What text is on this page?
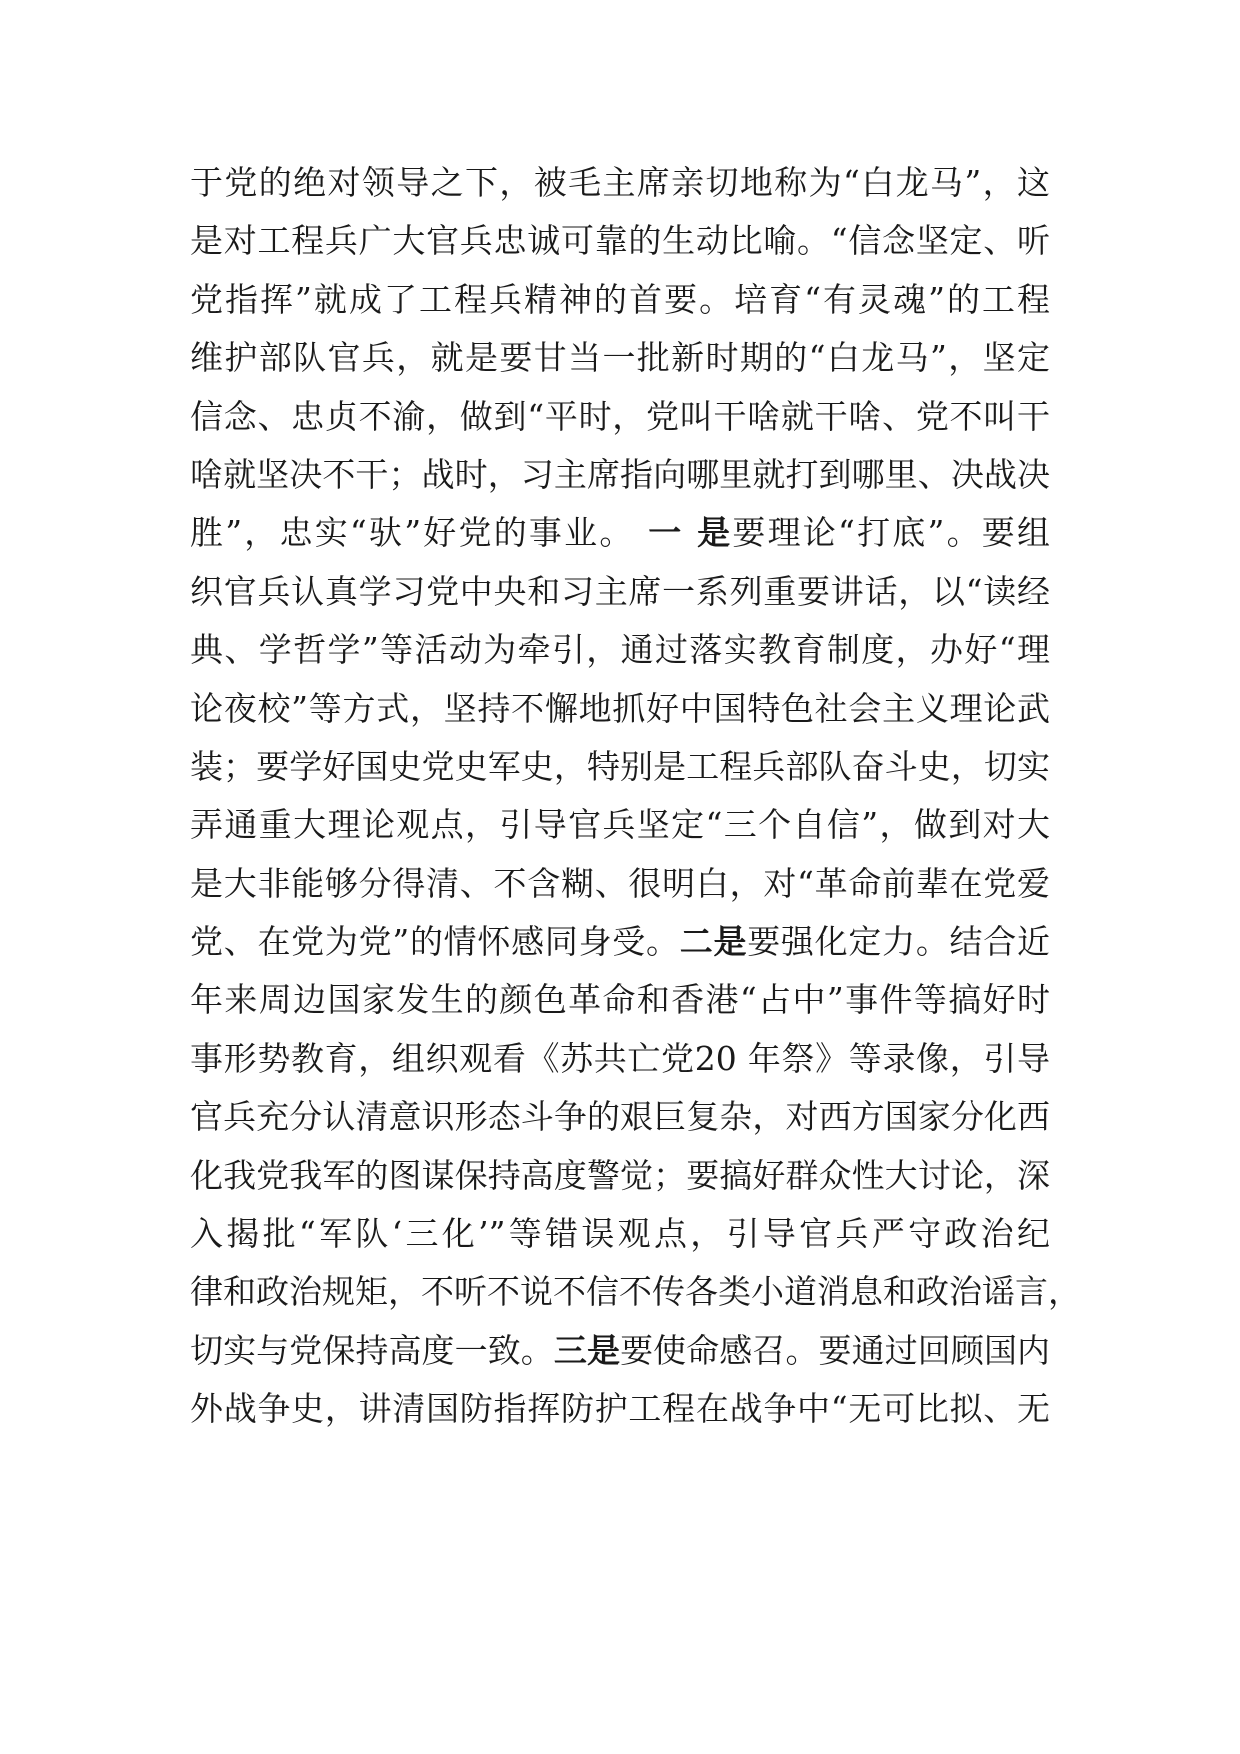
于党的绝对领导之下，被毛主席亲切地称为“白龙马”，这
是对工程兵广大官兵忠诚可靠的生动比喻。“信念坚定、听
党指挥”就成了工程兵精神的首要。培育“有灵魂”的工程
维护部队官兵，就是要甘当一批新时期的“白龙马”，坚定
信念、忠贞不渝，做到“平时，党叫干啥就干啥、党不叫干
啥就坚决不干；战时，习主席指向哪里就打到哪里、决战决
胜”，忠实“驮”好党的事业。 一 是要理论“打底”。要组
织官兵认真学习党中央和习主席一系列重要讲话，以“读经
典、学哲学”等活动为牵引，通过落实教育制度，办好“理
论夜校”等方式，坚持不懈地抓好中国特色社会主义理论武
装；要学好国史党史军史，特别是工程兵部队奋斗史，切实
弄通重大理论观点，引导官兵坚定“三个自信”，做到对大
是大非能够分得清、不含糊、很明白，对“革命前辈在党爱
党、在党为党”的情怀感同身受。二是要强化定力。结合近
年来周边国家发生的颜色革命和香港“占中”事件等搞好时
事形势教育，组织观看《苏共亡党20 年祭》等录像，引导
官兵充分认清意识形态斗争的艰巨复杂，对西方国家分化西
化我党我军的图谋保持高度警觉；要搞好群众性大讨论，深
入揭批“军队‘三化’”等错误观点，引导官兵严守政治纪
律和政治规矩，不听不说不信不传各类小道消息和政治谣言，
切实与党保持高度一致。三是要使命感召。要通过回顾国内
外战争史，讲清国防指挥防护工程在战争中“无可比拟、无
